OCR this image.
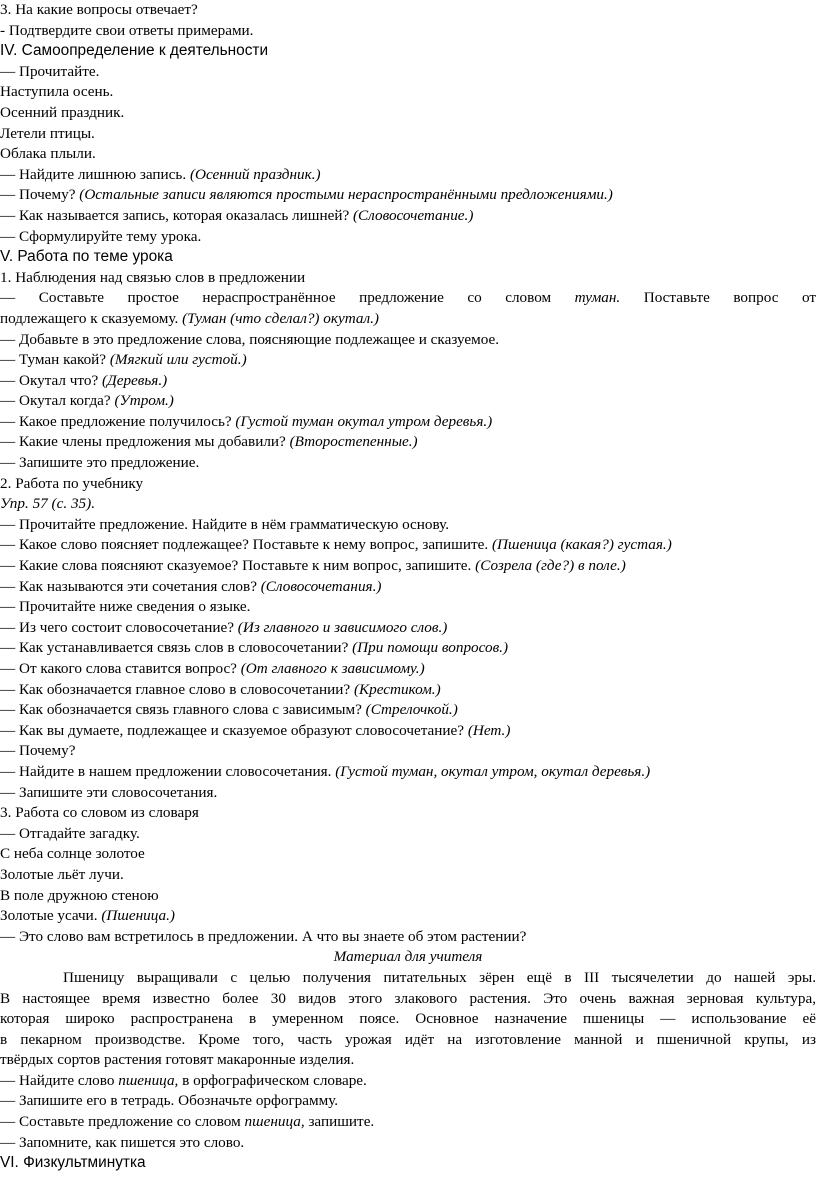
3. На какие вопросы отвечает?
- Подтвердите свои ответы примерами.
IV. Самоопределение к деятельности
— Прочитайте.
Наступила осень.
Осенний праздник.
Летели птицы.
Облака плыли.
— Найдите лишнюю запись. (Осенний праздник.)
— Почему? (Остальные записи являются простыми нераспространёнными предложениями.)
— Как называется запись, которая оказалась лишней? (Словосочетание.)
— Сформулируйте тему урока.
V. Работа по теме урока
1. Наблюдения над связью слов в предложении
— Составьте простое нераспространённое предложение со словом туман. Поставьте вопрос от
подлежащего к сказуемому. (Туман (что сделал?) окутал.)
— Добавьте в это предложение слова, поясняющие подлежащее и сказуемое.
— Туман какой? (Мягкий или густой.)
— Окутал что? (Деревья.)
— Окутал когда? (Утром.)
— Какое предложение получилось? (Густой туман окутал утром деревья.)
— Какие члены предложения мы добавили? (Второстепенные.)
— Запишите это предложение.
2. Работа по учебнику
Упр. 57 (с. 35).
— Прочитайте предложение. Найдите в нём грамматическую основу.
— Какое слово поясняет подлежащее? Поставьте к нему вопрос, запишите. (Пшеница (какая?) густая.)
— Какие слова поясняют сказуемое? Поставьте к ним вопрос, запишите. (Созрела (где?) в поле.)
— Как называются эти сочетания слов? (Словосочетания.)
— Прочитайте ниже сведения о языке.
— Из чего состоит словосочетание? (Из главного и зависимого слов.)
— Как устанавливается связь слов в словосочетании? (При помощи вопросов.)
— От какого слова ставится вопрос? (От главного к зависимому.)
— Как обозначается главное слово в словосочетании? (Крестиком.)
— Как обозначается связь главного слова с зависимым? (Стрелочкой.)
— Как вы думаете, подлежащее и сказуемое образуют словосочетание? (Нет.)
— Почему?
— Найдите в нашем предложении словосочетания. (Густой туман, окутал утром, окутал деревья.)
— Запишите эти словосочетания.
3. Работа со словом из словаря
— Отгадайте загадку.
С неба солнце золотое
Золотые льёт лучи.
В поле дружною стеною
Золотые усачи. (Пшеница.)
— Это слово вам встретилось в предложении. А что вы знаете об этом растении?
Материал для учителя
Пшеницу выращивали с целью получения питательных зёрен ещё в III тысячелетии до нашей эры.
В настоящее время известно более 30 видов этого злакового растения. Это очень важная зерновая культура,
которая широко распространена в умеренном поясе. Основное назначение пшеницы — использование её
в пекарном производстве. Кроме того, часть урожая идёт на изготовление манной и пшеничной крупы, из
твёрдых сортов растения готовят макаронные изделия.
— Найдите слово пшеница, в орфографическом словаре.
— Запишите его в тетрадь. Обозначьте орфограмму.
— Составьте предложение со словом пшеница, запишите.
— Запомните, как пишется это слово.
VI. Физкультминутка
